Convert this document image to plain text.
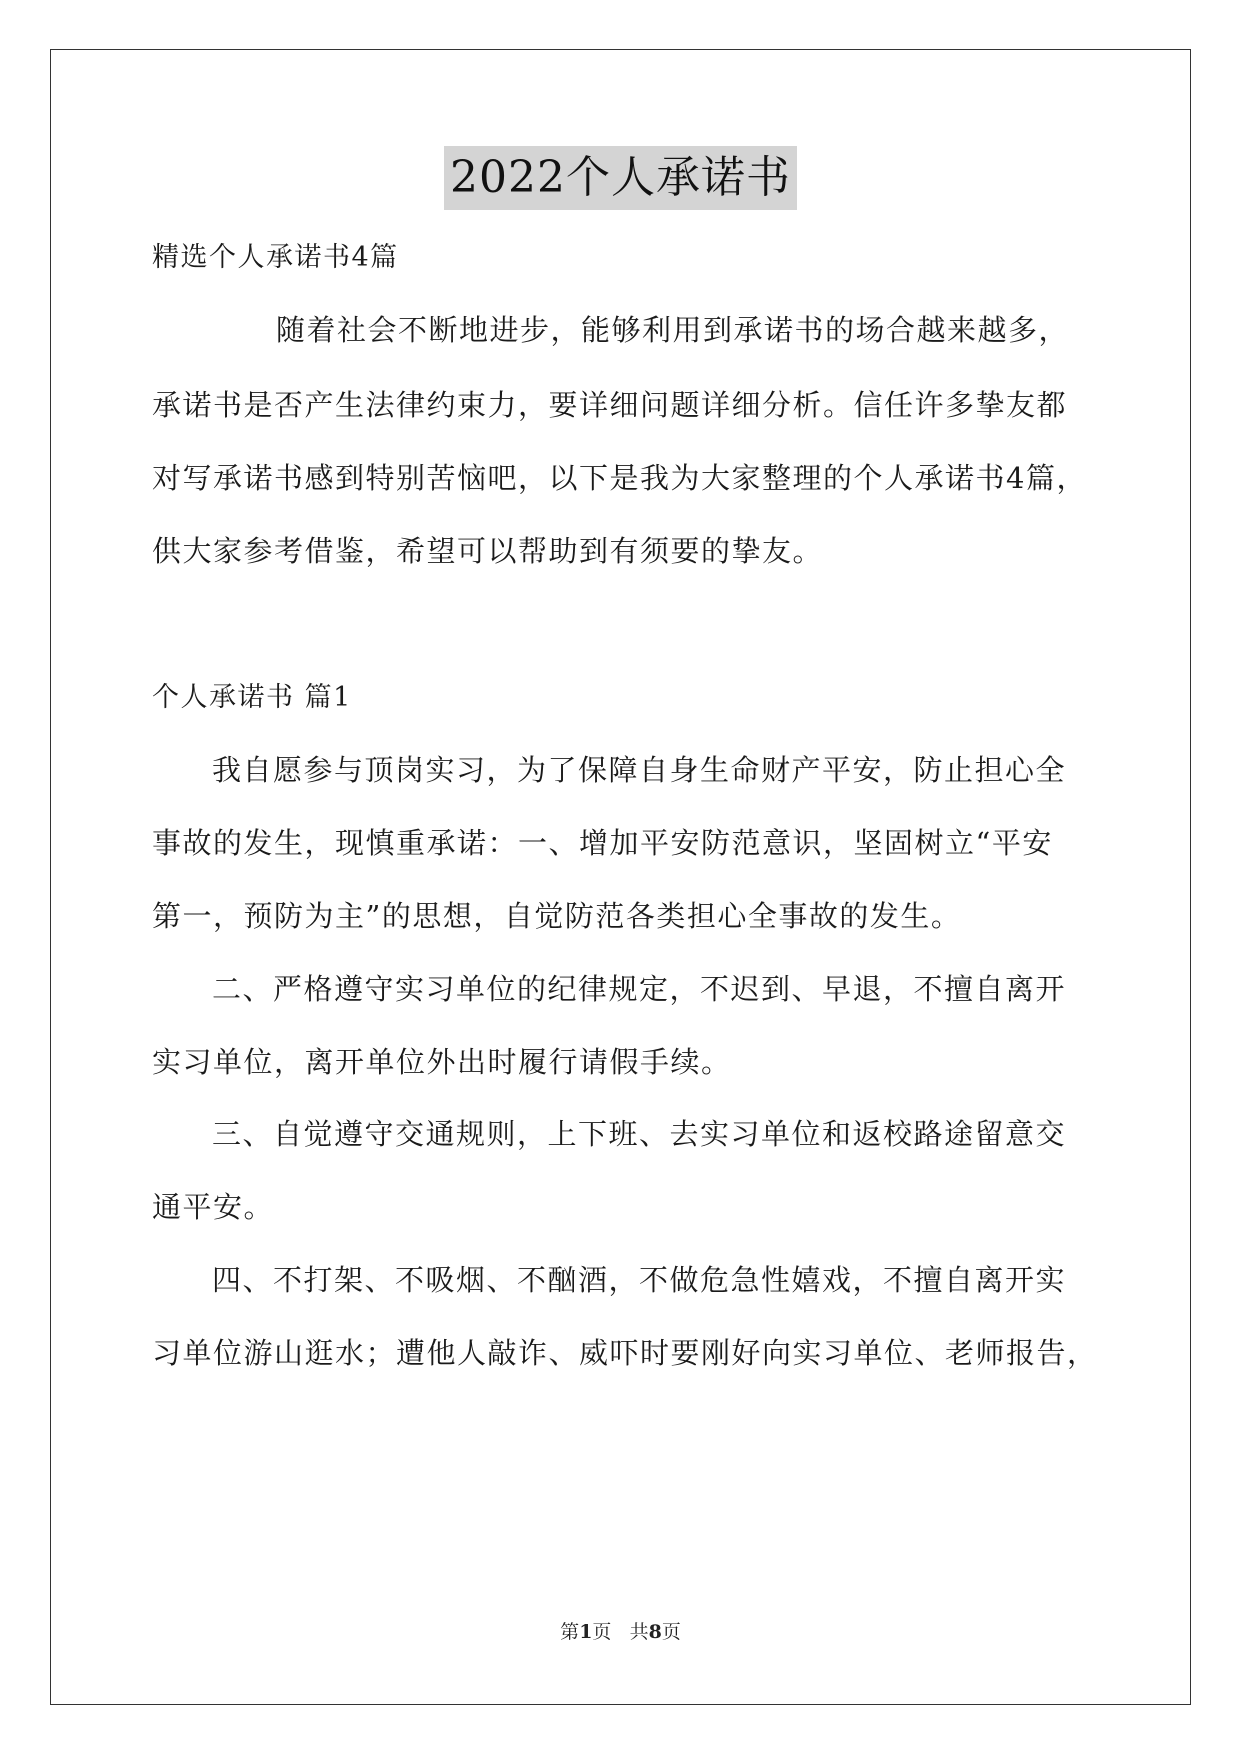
2022个人承诺书
精选个人承诺书4篇
随着社会不断地进步，能够利用到承诺书的场合越来越多，
承诺书是否产生法律约束力，要详细问题详细分析。信任许多挚友都
对写承诺书感到特别苦恼吧，以下是我为大家整理的个人承诺书4篇，
供大家参考借鉴，希望可以帮助到有须要的挚友。
个人承诺书 篇1
我自愿参与顶岗实习，为了保障自身生命财产平安，防止担心全
事故的发生，现慎重承诺：一、增加平安防范意识，坚固树立“平安
第一，预防为主”的思想，自觉防范各类担心全事故的发生。
二、严格遵守实习单位的纪律规定，不迟到、早退，不擅自离开
实习单位，离开单位外出时履行请假手续。
三、自觉遵守交通规则，上下班、去实习单位和返校路途留意交
通平安。
四、不打架、不吸烟、不酗酒，不做危急性嬉戏，不擅自离开实
习单位游山逛水；遭他人敲诈、威吓时要刚好向实习单位、老师报告，
第1页 共8页
